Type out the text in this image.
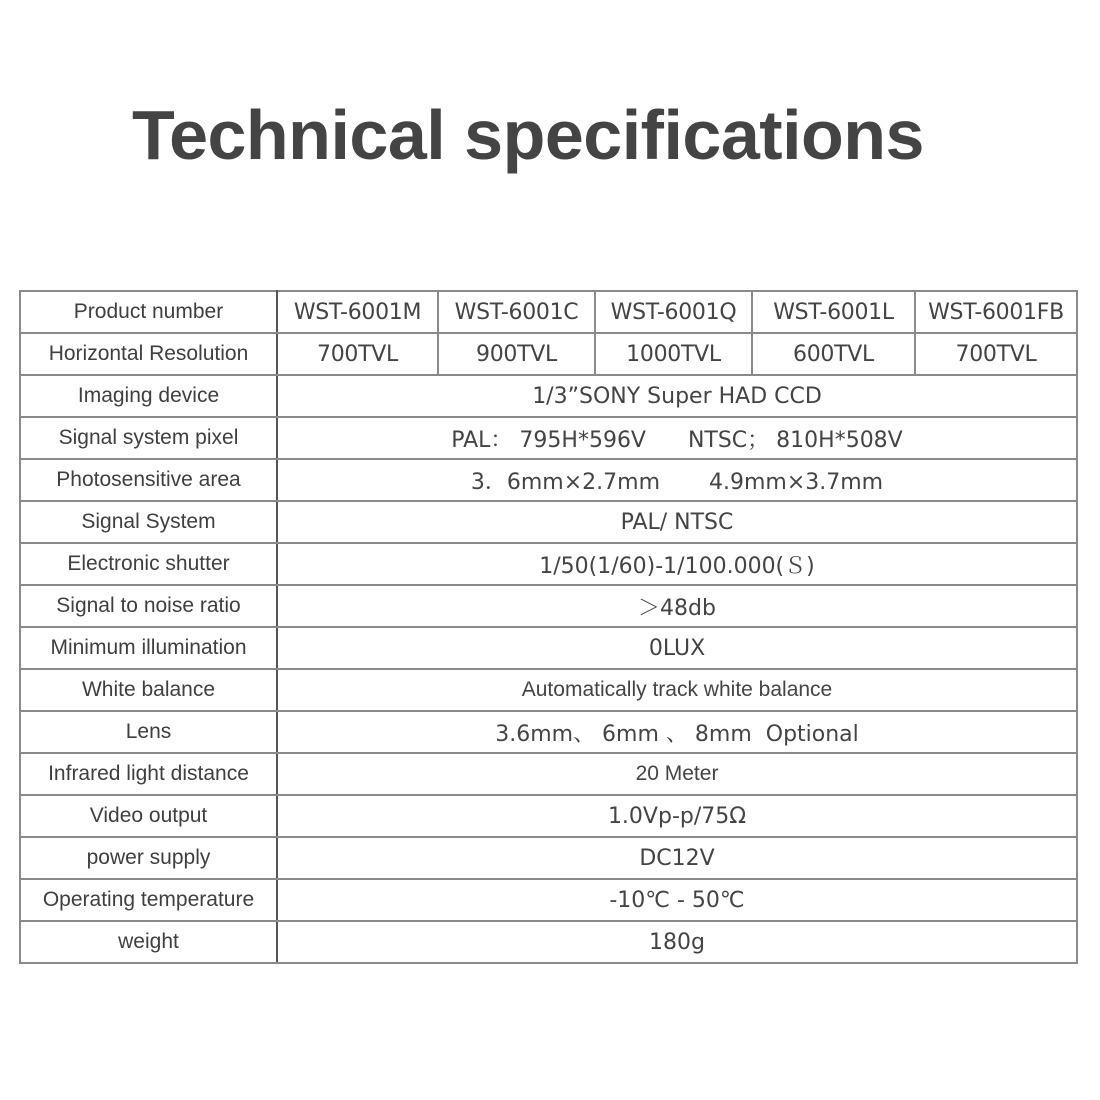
Technical specifications
Product number	WST-6001M	WST-6001C	WST-6001Q	WST-6001L	WST-6001FB
Horizontal Resolution	700TVL	900TVL	1000TVL	600TVL	700TVL
Imaging device	1/3”SONY Super HAD CCD				
Signal system pixel	PAL： 795H*596V      NTSC； 810H*508V				
Photosensitive area	3．6mm×2.7mm       4.9mm×3.7mm				
Signal System	PAL/ NTSC				
Electronic shutter	1/50(1/60)-1/100.000(Ｓ)				
Signal to noise ratio	＞48db				
Minimum illumination	0LUX				
White balance	Automatically track white balance				
Lens	3.6mm、 6mm 、 8mm  Optional				
Infrared light distance	20 Meter				
Video output	1.0Vp-p/75Ω				
power supply	DC12V				
Operating temperature	-10℃ - 50℃				
weight	180g				
